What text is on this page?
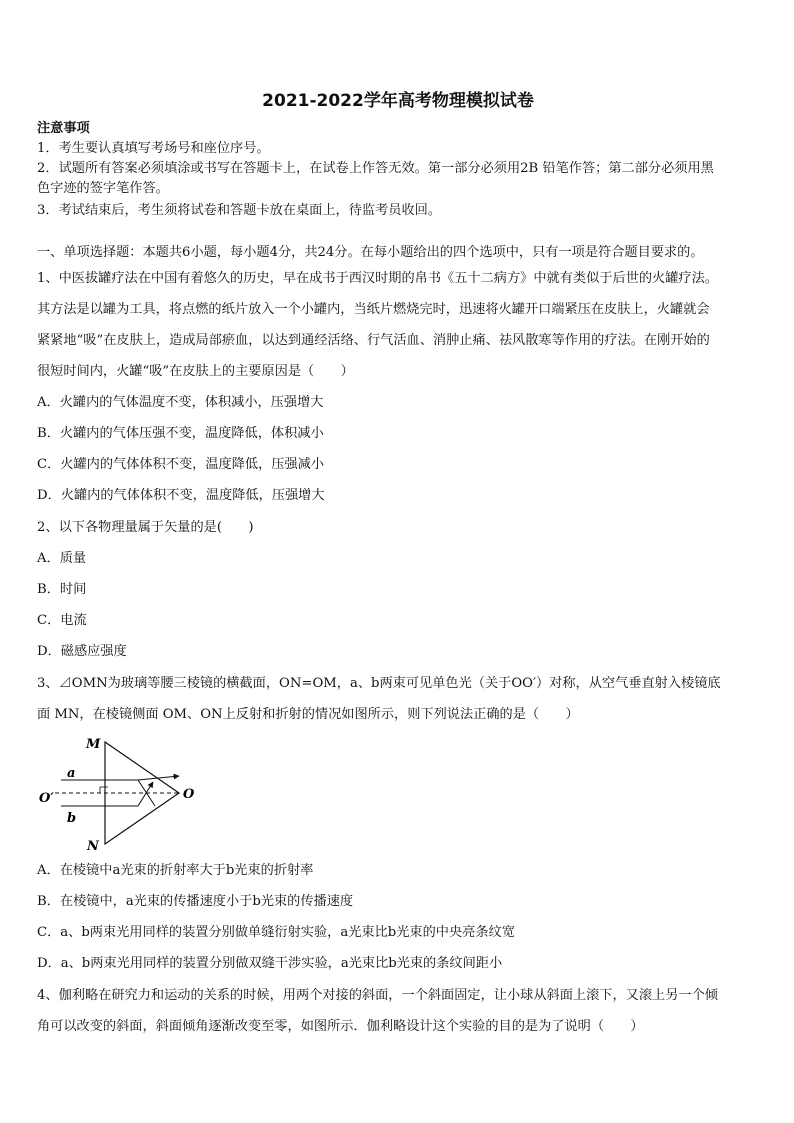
2021-2022学年高考物理模拟试卷
注意事项
1．考生要认真填写考场号和座位序号。
2．试题所有答案必须填涂或书写在答题卡上，在试卷上作答无效。第一部分必须用2B 铅笔作答；第二部分必须用黑
色字迹的签字笔作答。
3．考试结束后，考生须将试卷和答题卡放在桌面上，待监考员收回。
一、单项选择题：本题共6小题，每小题4分，共24分。在每小题给出的四个选项中，只有一项是符合题目要求的。
1、中医拔罐疗法在中国有着悠久的历史，早在成书于西汉时期的帛书《五十二病方》中就有类似于后世的火罐疗法。
其方法是以罐为工具，将点燃的纸片放入一个小罐内，当纸片燃烧完时，迅速将火罐开口端紧压在皮肤上，火罐就会
紧紧地“吸”在皮肤上，造成局部瘀血，以达到通经活络、行气活血、消肿止痛、祛风散寒等作用的疗法。在刚开始的
很短时间内，火罐“吸”在皮肤上的主要原因是（　　）
A．火罐内的气体温度不变，体积减小，压强增大
B．火罐内的气体压强不变，温度降低，体积减小
C．火罐内的气体体积不变，温度降低，压强减小
D．火罐内的气体体积不变，温度降低，压强增大
2、以下各物理量属于矢量的是(　　)
A．质量
B．时间
C．电流
D．磁感应强度
3、⊿OMN为玻璃等腰三棱镜的横截面，ON=OM，a、b两束可见单色光（关于OO′）对称，从空气垂直射入棱镜底
面 MN，在棱镜侧面 OM、ON上反射和折射的情况如图所示，则下列说法正确的是（　　）
M
N
O
O′
a
b
A．在棱镜中a光束的折射率大于b光束的折射率
B．在棱镜中，a光束的传播速度小于b光束的传播速度
C．a、b两束光用同样的装置分别做单缝衍射实验，a光束比b光束的中央亮条纹宽
D．a、b两束光用同样的装置分别做双缝干涉实验，a光束比b光束的条纹间距小
4、伽利略在研究力和运动的关系的时候，用两个对接的斜面，一个斜面固定，让小球从斜面上滚下，又滚上另一个倾
角可以改变的斜面，斜面倾角逐渐改变至零，如图所示．伽利略设计这个实验的目的是为了说明（　　）
